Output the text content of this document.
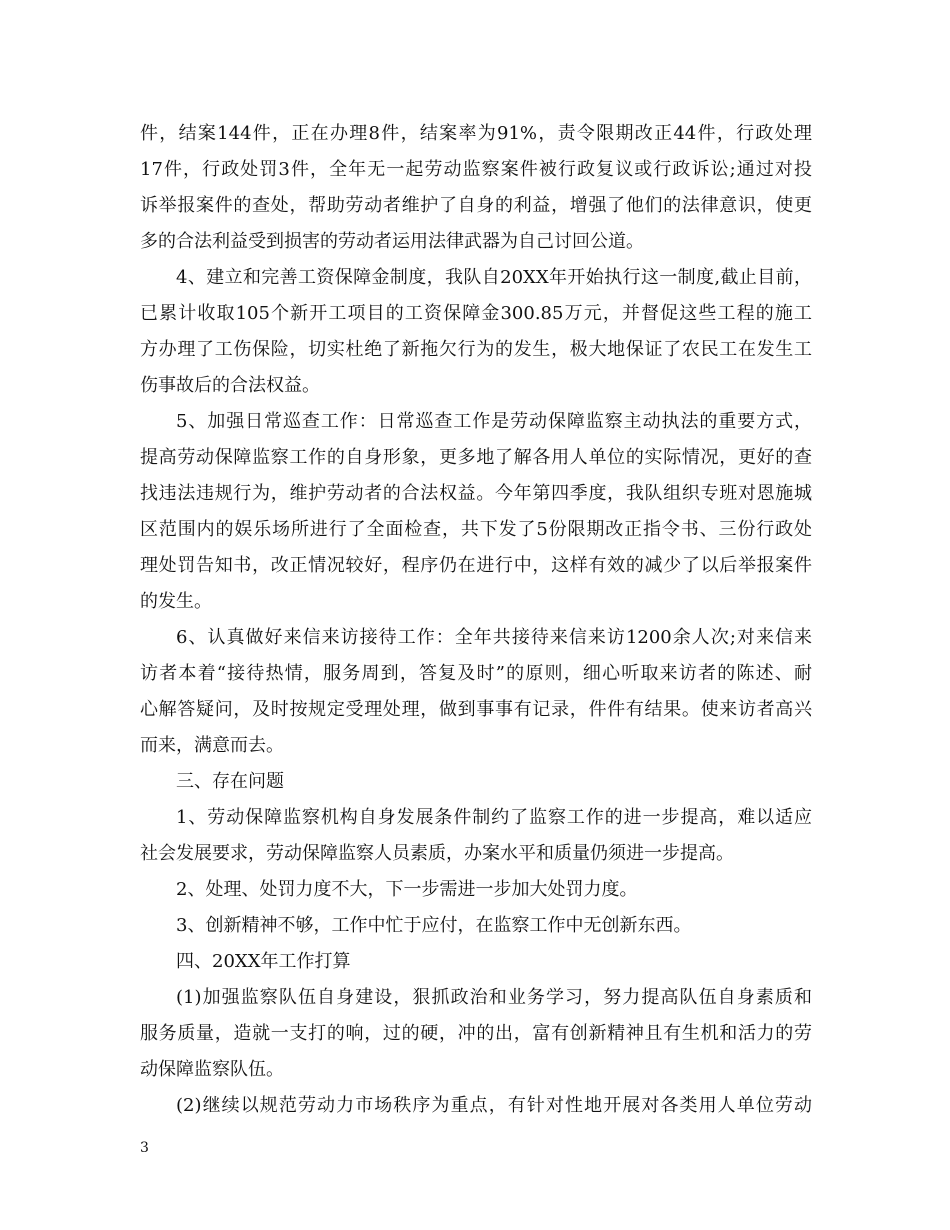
件，结案144件，正在办理8件，结案率为91%，责令限期改正44件，行政处理
17件，行政处罚3件，全年无一起劳动监察案件被行政复议或行政诉讼;通过对投
诉举报案件的查处，帮助劳动者维护了自身的利益，增强了他们的法律意识，使更
多的合法利益受到损害的劳动者运用法律武器为自己讨回公道。
4、建立和完善工资保障金制度，我队自20XX年开始执行这一制度,截止目前，
已累计收取105个新开工项目的工资保障金300.85万元，并督促这些工程的施工
方办理了工伤保险，切实杜绝了新拖欠行为的发生，极大地保证了农民工在发生工
伤事故后的合法权益。
5、加强日常巡查工作：日常巡查工作是劳动保障监察主动执法的重要方式，
提高劳动保障监察工作的自身形象，更多地了解各用人单位的实际情况，更好的查
找违法违规行为，维护劳动者的合法权益。今年第四季度，我队组织专班对恩施城
区范围内的娱乐场所进行了全面检查，共下发了5份限期改正指令书、三份行政处
理处罚告知书，改正情况较好，程序仍在进行中，这样有效的减少了以后举报案件
的发生。
6、认真做好来信来访接待工作：全年共接待来信来访1200余人次;对来信来
访者本着“接待热情，服务周到，答复及时”的原则，细心听取来访者的陈述、耐
心解答疑问，及时按规定受理处理，做到事事有记录，件件有结果。使来访者高兴
而来，满意而去。
三、存在问题
1、劳动保障监察机构自身发展条件制约了监察工作的进一步提高，难以适应
社会发展要求，劳动保障监察人员素质，办案水平和质量仍须进一步提高。
2、处理、处罚力度不大，下一步需进一步加大处罚力度。
3、创新精神不够，工作中忙于应付，在监察工作中无创新东西。
四、20XX年工作打算
(1)加强监察队伍自身建设，狠抓政治和业务学习，努力提高队伍自身素质和
服务质量，造就一支打的响，过的硬，冲的出，富有创新精神且有生机和活力的劳
动保障监察队伍。
(2)继续以规范劳动力市场秩序为重点，有针对性地开展对各类用人单位劳动
3
